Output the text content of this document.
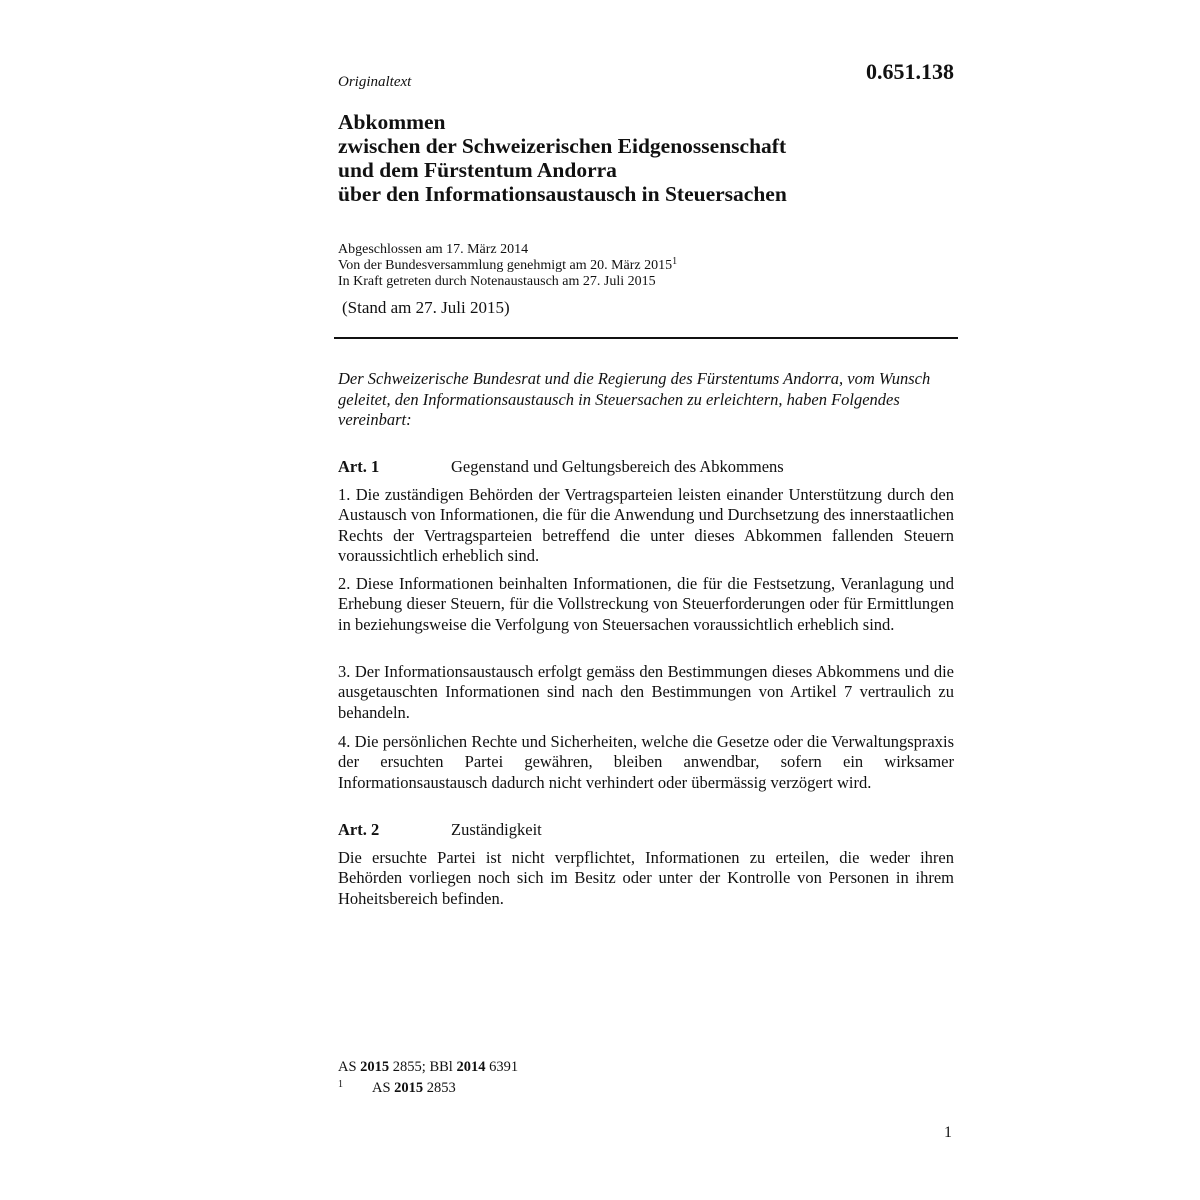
Originaltext	0.651.138
Abkommen
zwischen der Schweizerischen Eidgenossenschaft
und dem Fürstentum Andorra
über den Informationsaustausch in Steuersachen
Abgeschlossen am 17. März 2014
Von der Bundesversammlung genehmigt am 20. März 2015$^1$
In Kraft getreten durch Notenaustausch am 27. Juli 2015
(Stand am 27. Juli 2015)
Der Schweizerische Bundesrat und die Regierung des Fürstentums Andorra, vom Wunsch geleitet, den Informationsaustausch in Steuersachen zu erleichtern, haben Folgendes vereinbart:
Art. 1	Gegenstand und Geltungsbereich des Abkommens
1. Die zuständigen Behörden der Vertragsparteien leisten einander Unterstützung durch den Austausch von Informationen, die für die Anwendung und Durchsetzung des innerstaatlichen Rechts der Vertragsparteien betreffend die unter dieses Abkommen fallenden Steuern voraussichtlich erheblich sind.
2. Diese Informationen beinhalten Informationen, die für die Festsetzung, Veranlagung und Erhebung dieser Steuern, für die Vollstreckung von Steuerforderungen oder für Ermittlungen in beziehungsweise die Verfolgung von Steuersachen voraussichtlich erheblich sind.
3. Der Informationsaustausch erfolgt gemäss den Bestimmungen dieses Abkommens und die ausgetauschten Informationen sind nach den Bestimmungen von Artikel 7 vertraulich zu behandeln.
4. Die persönlichen Rechte und Sicherheiten, welche die Gesetze oder die Verwaltungspraxis der ersuchten Partei gewähren, bleiben anwendbar, sofern ein wirksamer Informationsaustausch dadurch nicht verhindert oder übermässig verzögert wird.
Art. 2	Zuständigkeit
Die ersuchte Partei ist nicht verpflichtet, Informationen zu erteilen, die weder ihren Behörden vorliegen noch sich im Besitz oder unter der Kontrolle von Personen in ihrem Hoheitsbereich befinden.
AS 2015 2855; BBl 2014 6391
1	AS 2015 2853
1
